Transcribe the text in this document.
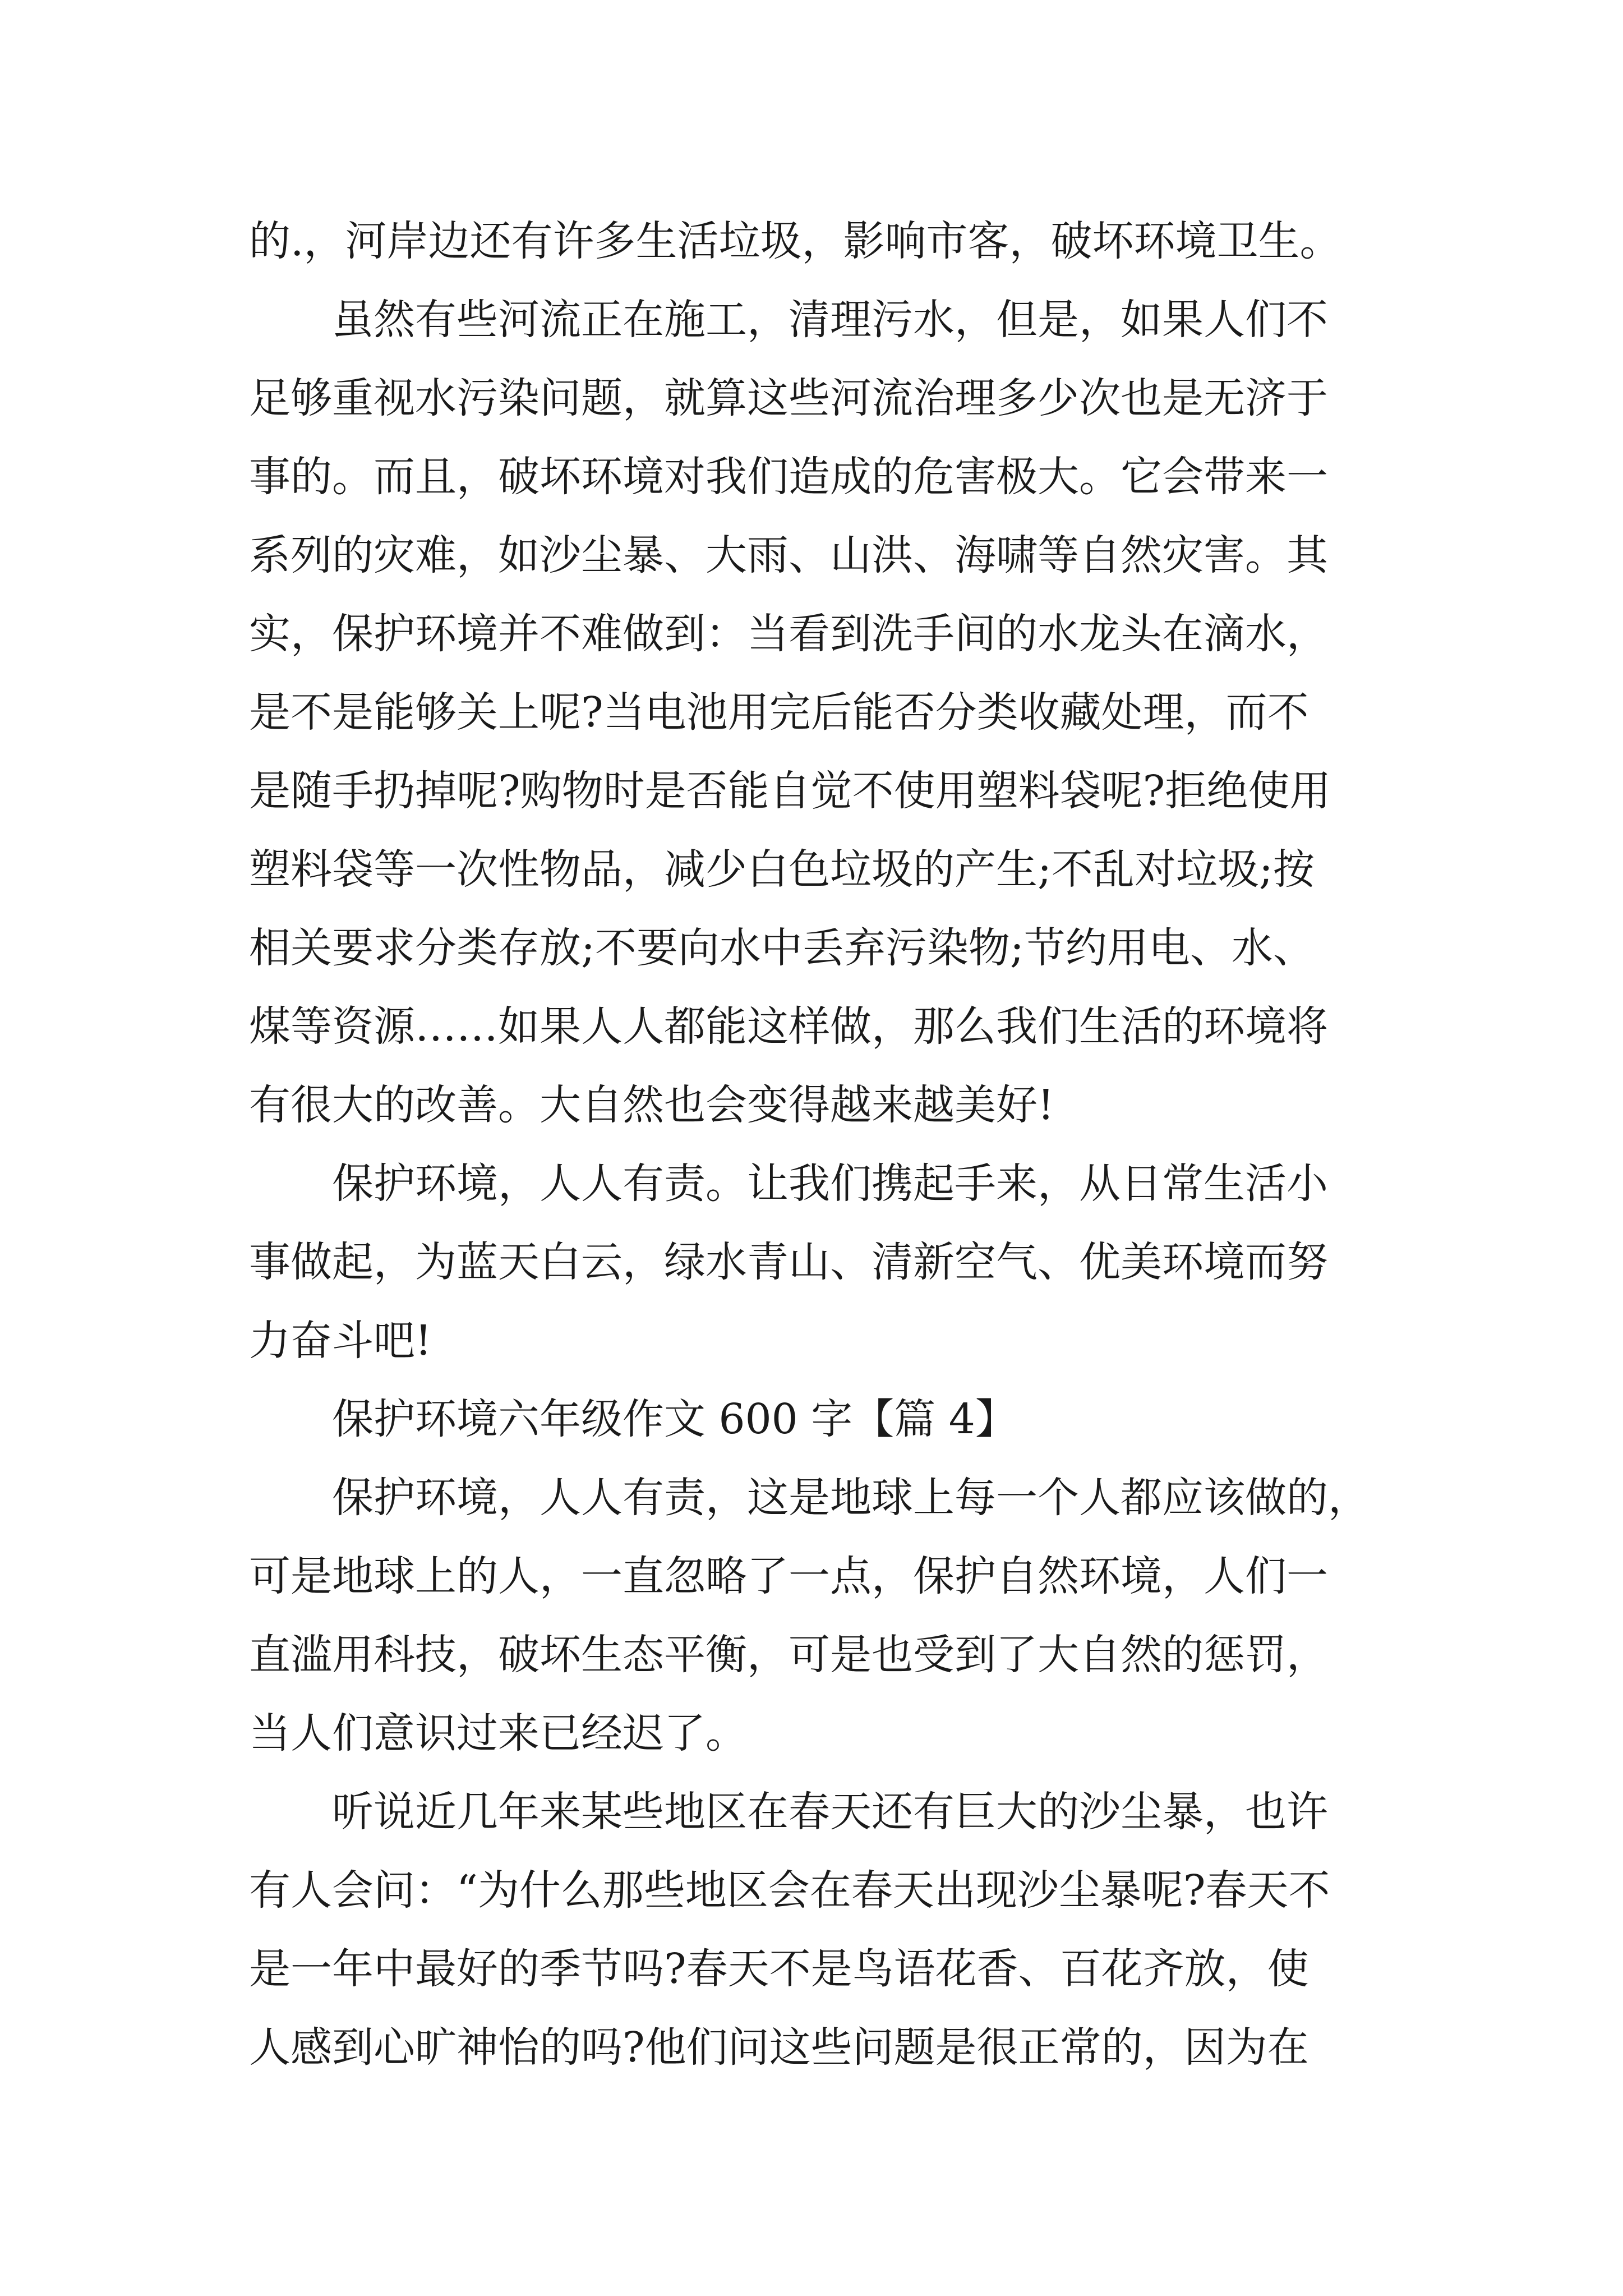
的.，河岸边还有许多生活垃圾，影响市客，破坏环境卫生。
虽然有些河流正在施工，清理污水，但是，如果人们不
足够重视水污染问题，就算这些河流治理多少次也是无济于
事的。而且，破坏环境对我们造成的危害极大。它会带来一
系列的灾难，如沙尘暴、大雨、山洪、海啸等自然灾害。其
实，保护环境并不难做到：当看到洗手间的水龙头在滴水，
是不是能够关上呢?当电池用完后能否分类收藏处理，而不
是随手扔掉呢?购物时是否能自觉不使用塑料袋呢?拒绝使用
塑料袋等一次性物品，减少白色垃圾的产生;不乱对垃圾;按
相关要求分类存放;不要向水中丢弃污染物;节约用电、水、
煤等资源……如果人人都能这样做，那么我们生活的环境将
有很大的改善。大自然也会变得越来越美好!
保护环境，人人有责。让我们携起手来，从日常生活小
事做起，为蓝天白云，绿水青山、清新空气、优美环境而努
力奋斗吧!
保护环境六年级作文 600 字【篇 4】
保护环境，人人有责，这是地球上每一个人都应该做的，
可是地球上的人，一直忽略了一点，保护自然环境，人们一
直滥用科技，破坏生态平衡，可是也受到了大自然的惩罚，
当人们意识过来已经迟了。
听说近几年来某些地区在春天还有巨大的沙尘暴，也许
有人会问：“为什么那些地区会在春天出现沙尘暴呢?春天不
是一年中最好的季节吗?春天不是鸟语花香、百花齐放，使
人感到心旷神怡的吗?他们问这些问题是很正常的，因为在
